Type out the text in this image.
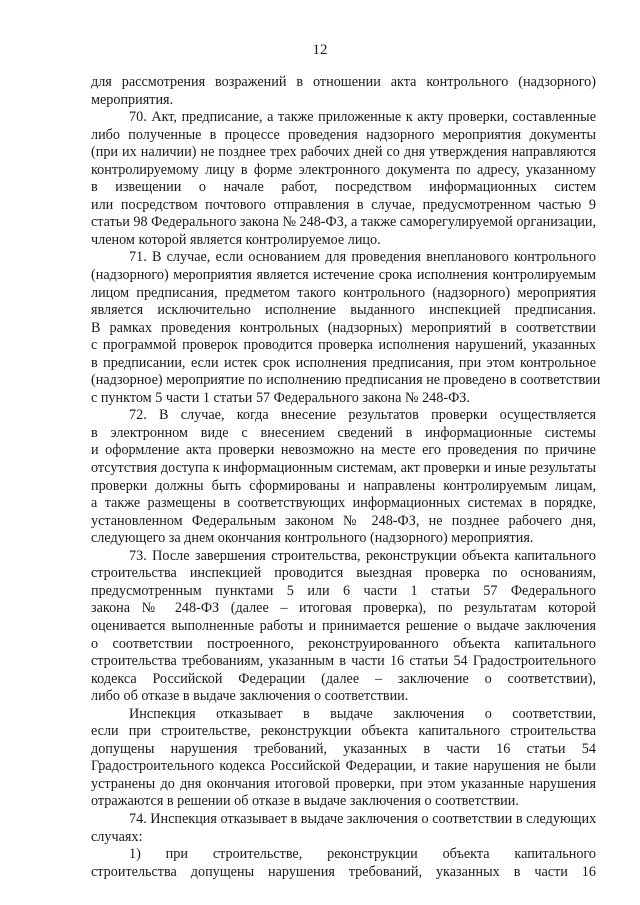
12
для рассмотрения возражений в отношении акта контрольного (надзорного)
мероприятия.
70. Акт, предписание, а также приложенные к акту проверки, составленные
либо полученные в процессе проведения надзорного мероприятия документы
(при их наличии) не позднее трех рабочих дней со дня утверждения направляются
контролируемому лицу в форме электронного документа по адресу, указанному
в извещении о начале работ, посредством информационных систем
или посредством почтового отправления в случае, предусмотренном частью 9
статьи 98 Федерального закона № 248-ФЗ, а также саморегулируемой организации,
членом которой является контролируемое лицо.
71. В случае, если основанием для проведения внепланового контрольного
(надзорного) мероприятия является истечение срока исполнения контролируемым
лицом предписания, предметом такого контрольного (надзорного) мероприятия
является исключительно исполнение выданного инспекцией предписания.
В рамках проведения контрольных (надзорных) мероприятий в соответствии
с программой проверок проводится проверка исполнения нарушений, указанных
в предписании, если истек срок исполнения предписания, при этом контрольное
(надзорное) мероприятие по исполнению предписания не проведено в соответствии
с пунктом 5 части 1 статьи 57 Федерального закона № 248-ФЗ.
72. В случае, когда внесение результатов проверки осуществляется
в электронном виде с внесением сведений в информационные системы
и оформление акта проверки невозможно на месте его проведения по причине
отсутствия доступа к информационным системам, акт проверки и иные результаты
проверки должны быть сформированы и направлены контролируемым лицам,
а также размещены в соответствующих информационных системах в порядке,
установленном Федеральным законом № 248-ФЗ, не позднее рабочего дня,
следующего за днем окончания контрольного (надзорного) мероприятия.
73. После завершения строительства, реконструкции объекта капитального
строительства инспекцией проводится выездная проверка по основаниям,
предусмотренным пунктами 5 или 6 части 1 статьи 57 Федерального
закона № 248-ФЗ (далее – итоговая проверка), по результатам которой
оценивается выполненные работы и принимается решение о выдаче заключения
о соответствии построенного, реконструированного объекта капитального
строительства требованиям, указанным в части 16 статьи 54 Градостроительного
кодекса Российской Федерации (далее – заключение о соответствии),
либо об отказе в выдаче заключения о соответствии.
Инспекция отказывает в выдаче заключения о соответствии,
если при строительстве, реконструкции объекта капитального строительства
допущены нарушения требований, указанных в части 16 статьи 54
Градостроительного кодекса Российской Федерации, и такие нарушения не были
устранены до дня окончания итоговой проверки, при этом указанные нарушения
отражаются в решении об отказе в выдаче заключения о соответствии.
74. Инспекция отказывает в выдаче заключения о соответствии в следующих
случаях:
1) при строительстве, реконструкции объекта капитального
строительства допущены нарушения требований, указанных в части 16
